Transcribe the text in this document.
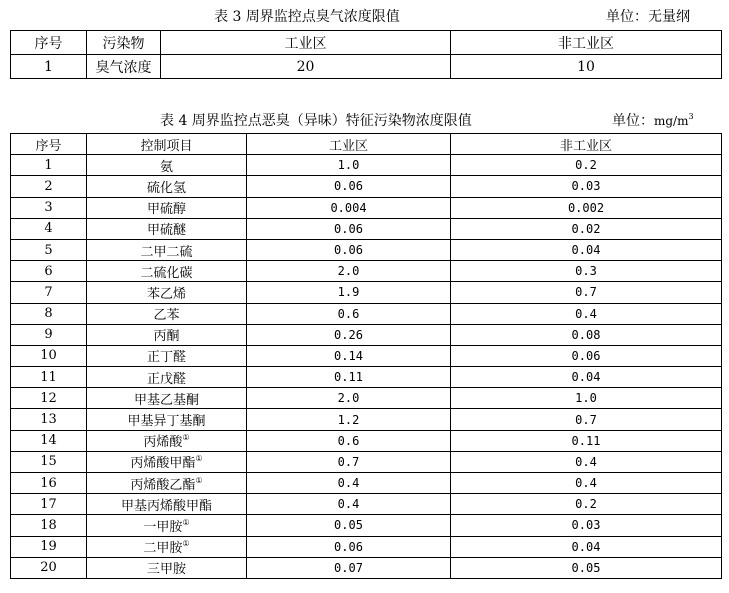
表 3 周界监控点臭气浓度限值	单位：无量纲
序号	污染物	工业区	非工业区
1	臭气浓度	20	10
表 4 周界监控点恶臭（异味）特征污染物浓度限值	单位：$mg/m^3$
序号	控制项目	工业区	非工业区
1	氨	1.0	0.2
2	硫化氢	0.06	0.03
3	甲硫醇	0.004	0.002
4	甲硫醚	0.06	0.02
5	二甲二硫	0.06	0.04
6	二硫化碳	2.0	0.3
7	苯乙烯	1.9	0.7
8	乙苯	0.6	0.4
9	丙酮	0.26	0.08
10	正丁醛	0.14	0.06
11	正戊醛	0.11	0.04
12	甲基乙基酮	2.0	1.0
13	甲基异丁基酮	1.2	0.7
14	丙烯酸①	0.6	0.11
15	丙烯酸甲酯①	0.7	0.4
16	丙烯酸乙酯①	0.4	0.4
17	甲基丙烯酸甲酯	0.4	0.2
18	一甲胺①	0.05	0.03
19	二甲胺①	0.06	0.04
20	三甲胺	0.07	0.05
